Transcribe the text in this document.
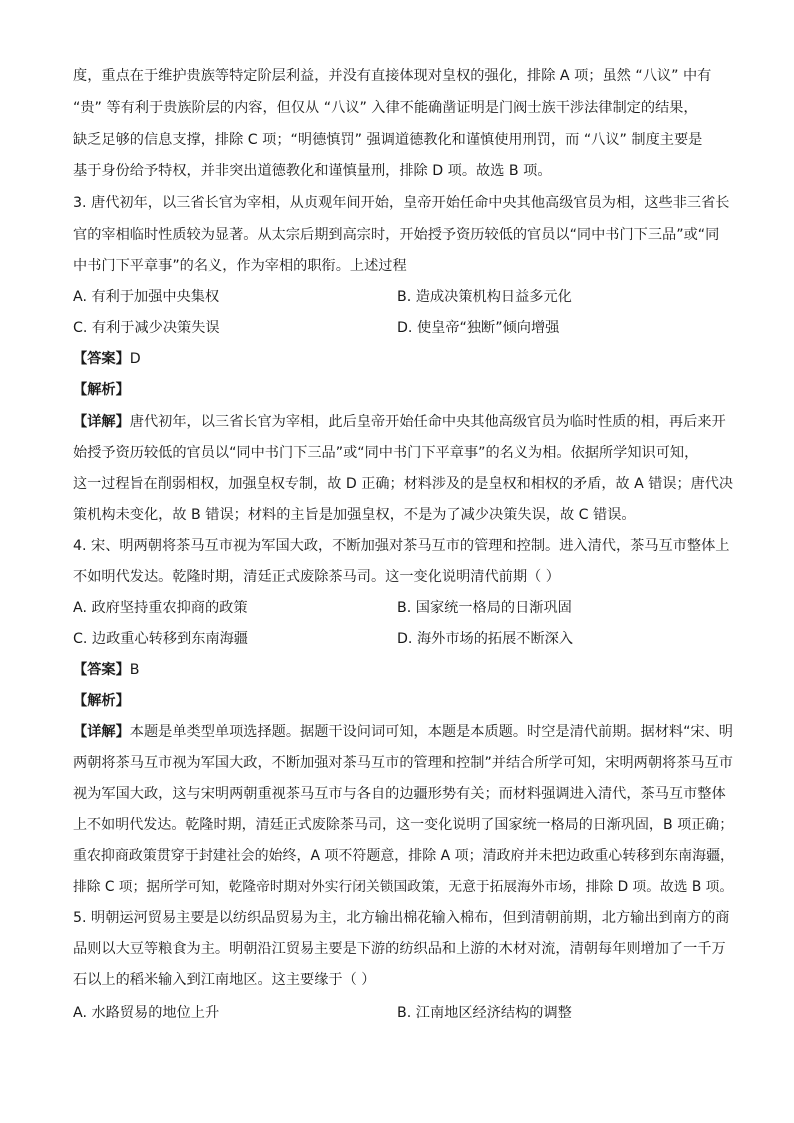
度，重点在于维护贵族等特定阶层利益，并没有直接体现对皇权的强化，排除 A 项；虽然 “八议” 中有
“贵” 等有利于贵族阶层的内容，但仅从 “八议” 入律不能确凿证明是门阀士族干涉法律制定的结果，
缺乏足够的信息支撑，排除 C 项；“明德慎罚” 强调道德教化和谨慎使用刑罚，而 “八议” 制度主要是
基于身份给予特权，并非突出道德教化和谨慎量刑，排除 D 项。故选 B 项。
3. 唐代初年，以三省长官为宰相，从贞观年间开始，皇帝开始任命中央其他高级官员为相，这些非三省长
官的宰相临时性质较为显著。从太宗后期到高宗时，开始授予资历较低的官员以“同中书门下三品”或“同
中书门下平章事”的名义，作为宰相的职衔。上述过程
A. 有利于加强中央集权	B. 造成决策机构日益多元化
C. 有利于减少决策失误	D. 使皇帝“独断”倾向增强
【答案】D
【解析】
【详解】唐代初年，以三省长官为宰相，此后皇帝开始任命中央其他高级官员为临时性质的相，再后来开
始授予资历较低的官员以“同中书门下三品”或“同中书门下平章事”的名义为相。依据所学知识可知，
这一过程旨在削弱相权，加强皇权专制，故 D 正确；材料涉及的是皇权和相权的矛盾，故 A 错误；唐代决
策机构未变化，故 B 错误；材料的主旨是加强皇权，不是为了减少决策失误，故 C 错误。
4. 宋、明两朝将茶马互市视为军国大政，不断加强对茶马互市的管理和控制。进入清代，茶马互市整体上
不如明代发达。乾隆时期，清廷正式废除茶马司。这一变化说明清代前期（ ）
A. 政府坚持重农抑商的政策	B. 国家统一格局的日渐巩固
C. 边政重心转移到东南海疆	D. 海外市场的拓展不断深入
【答案】B
【解析】
【详解】本题是单类型单项选择题。据题干设问词可知，本题是本质题。时空是清代前期。据材料“宋、明
两朝将茶马互市视为军国大政，不断加强对茶马互市的管理和控制”并结合所学可知，宋明两朝将茶马互市
视为军国大政，这与宋明两朝重视茶马互市与各自的边疆形势有关；而材料强调进入清代，茶马互市整体
上不如明代发达。乾隆时期，清廷正式废除茶马司，这一变化说明了国家统一格局的日渐巩固，B 项正确；
重农抑商政策贯穿于封建社会的始终，A 项不符题意，排除 A 项；清政府并未把边政重心转移到东南海疆，
排除 C 项；据所学可知，乾隆帝时期对外实行闭关锁国政策，无意于拓展海外市场，排除 D 项。故选 B 项。
5. 明朝运河贸易主要是以纺织品贸易为主，北方输出棉花输入棉布，但到清朝前期，北方输出到南方的商
品则以大豆等粮食为主。明朝沿江贸易主要是下游的纺织品和上游的木材对流，清朝每年则增加了一千万
石以上的稻米输入到江南地区。这主要缘于（ ）
A. 水路贸易的地位上升	B. 江南地区经济结构的调整
